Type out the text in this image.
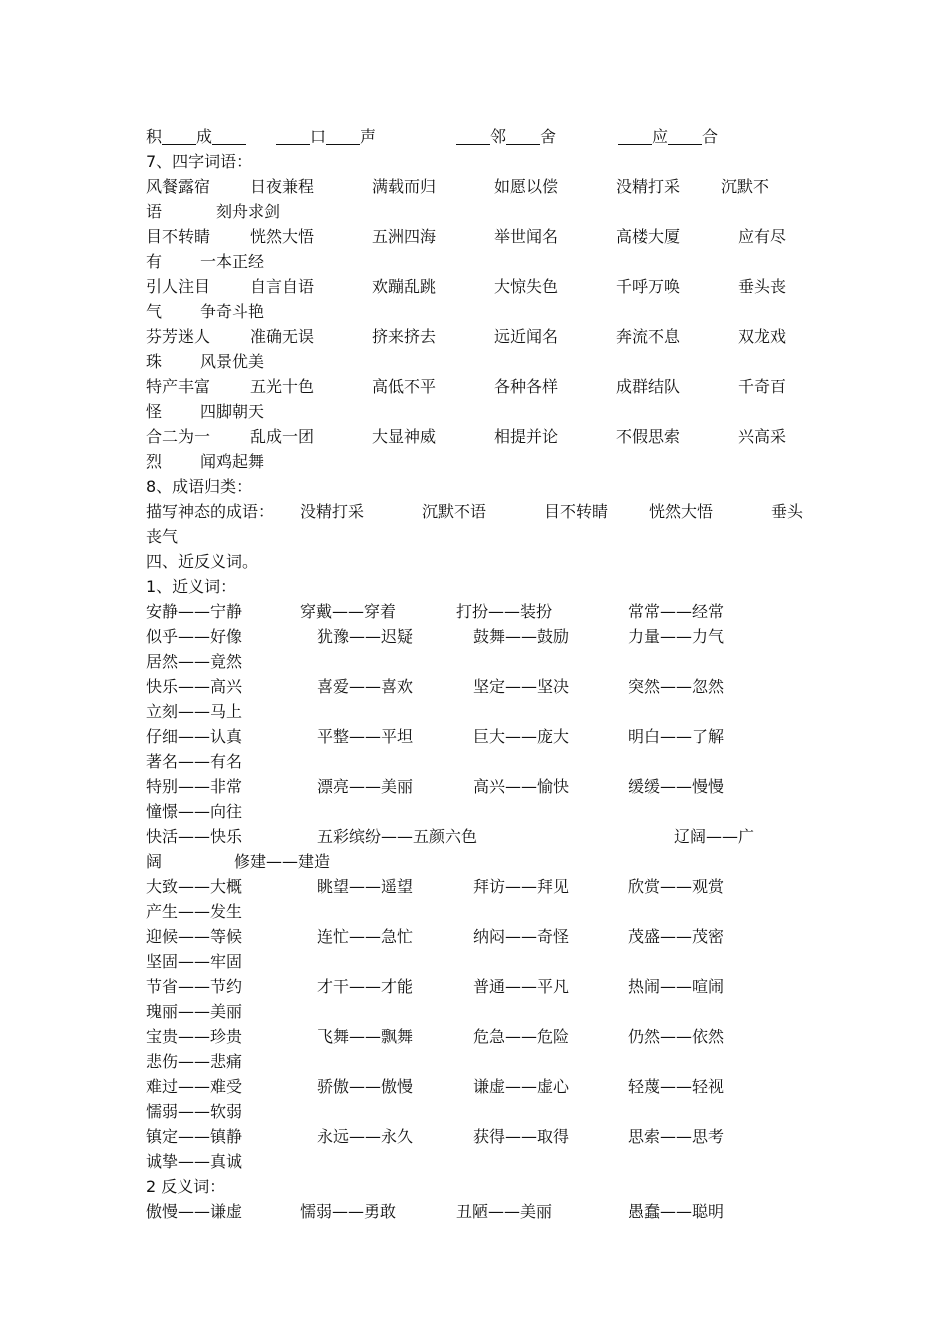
积 成	口 声	邻 舍	应 合
7、四字词语：
风餐露宿 日夜兼程	满载而归	如愿以偿	没精打采	沉默不
语	刻舟求剑
目不转睛 恍然大悟	五洲四海	举世闻名	高楼大厦	应有尽
有 一本正经
引人注目 自言自语	欢蹦乱跳	大惊失色	千呼万唤	垂头丧
气 争奇斗艳
芬芳迷人 准确无误	挤来挤去	远近闻名	奔流不息	双龙戏
珠 风景优美
特产丰富 五光十色	高低不平	各种各样	成群结队	千奇百
怪 四脚朝天
合二为一 乱成一团	大显神威	相提并论	不假思索	兴高采
烈 闻鸡起舞
8、成语归类：
描写神态的成语： 没精打采	沉默不语	目不转睛	恍然大悟	垂头
丧气
四、近反义词。
1、近义词：
安静——宁静	穿戴——穿着	打扮——装扮	常常——经常
似乎——好像	犹豫——迟疑	鼓舞——鼓励	力量——力气
居然——竟然
快乐——高兴	喜爱——喜欢	坚定——坚决	突然——忽然
立刻——马上
仔细——认真	平整——平坦	巨大——庞大	明白——了解
著名——有名
特别——非常	漂亮——美丽	高兴——愉快	缓缓——慢慢
憧憬——向往
快活——快乐	五彩缤纷——五颜六色	辽阔——广
阔	修建——建造
大致——大概	眺望——遥望	拜访——拜见	欣赏——观赏
产生——发生
迎候——等候	连忙——急忙	纳闷——奇怪	茂盛——茂密
坚固——牢固
节省——节约	才干——才能	普通——平凡	热闹——喧闹
瑰丽——美丽
宝贵——珍贵	飞舞——飘舞	危急——危险	仍然——依然
悲伤——悲痛
难过——难受	骄傲——傲慢	谦虚——虚心	轻蔑——轻视
懦弱——软弱
镇定——镇静	永远——永久	获得——取得	思索——思考
诚挚——真诚
2 反义词：
傲慢——谦虚	懦弱——勇敢	丑陋——美丽	愚蠢——聪明
